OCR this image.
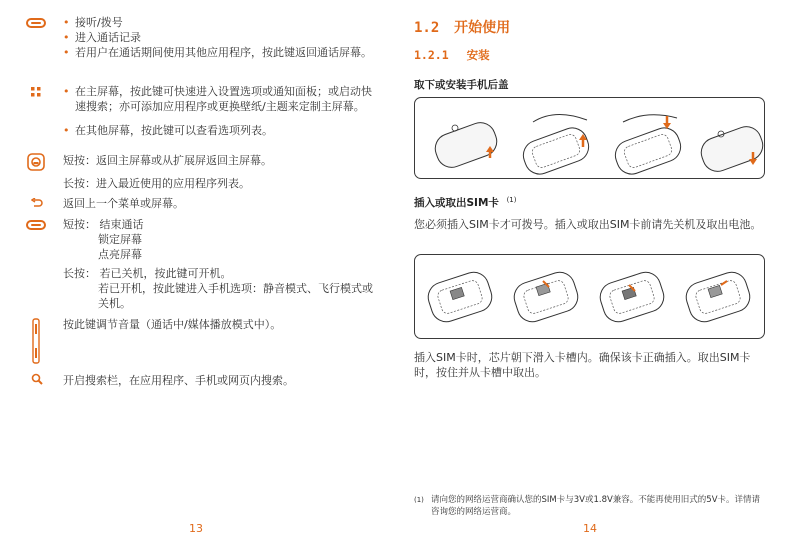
• 接听/拨号
• 进入通话记录
• 若用户在通话期间使用其他应用程序，按此键返回通话屏幕。
• 在主屏幕，按此键可快速进入设置选项或通知面板；或启动快速搜索；亦可添加应用程序或更换壁纸/主题来定制主屏幕。
• 在其他屏幕，按此键可以查看选项列表。
短按：返回主屏幕或从扩展屏返回主屏幕。
长按：进入最近使用的应用程序列表。
返回上一个菜单或屏幕。
短按： 结束通话
锁定屏幕
点亮屏幕
长按： 若已关机，按此键可开机。
若已开机，按此键进入手机选项：静音模式、飞行模式或关机。
按此键调节音量（通话中/媒体播放模式中）。
开启搜索栏，在应用程序、手机或网页内搜索。
13
1.2 开始使用
1.2.1 安装
取下或安装手机后盖
插入或取出SIM卡 $^{(1)}$
您必须插入SIM卡才可拨号。插入或取出SIM卡前请先关机及取出电池。
插入SIM卡时，芯片朝下滑入卡槽内。确保该卡正确插入。取出SIM卡时，按住并从卡槽中取出。
(1) 请向您的网络运营商确认您的SIM卡与3V或1.8V兼容。不能再使用旧式的5V卡。详情请咨询您的网络运营商。
14
